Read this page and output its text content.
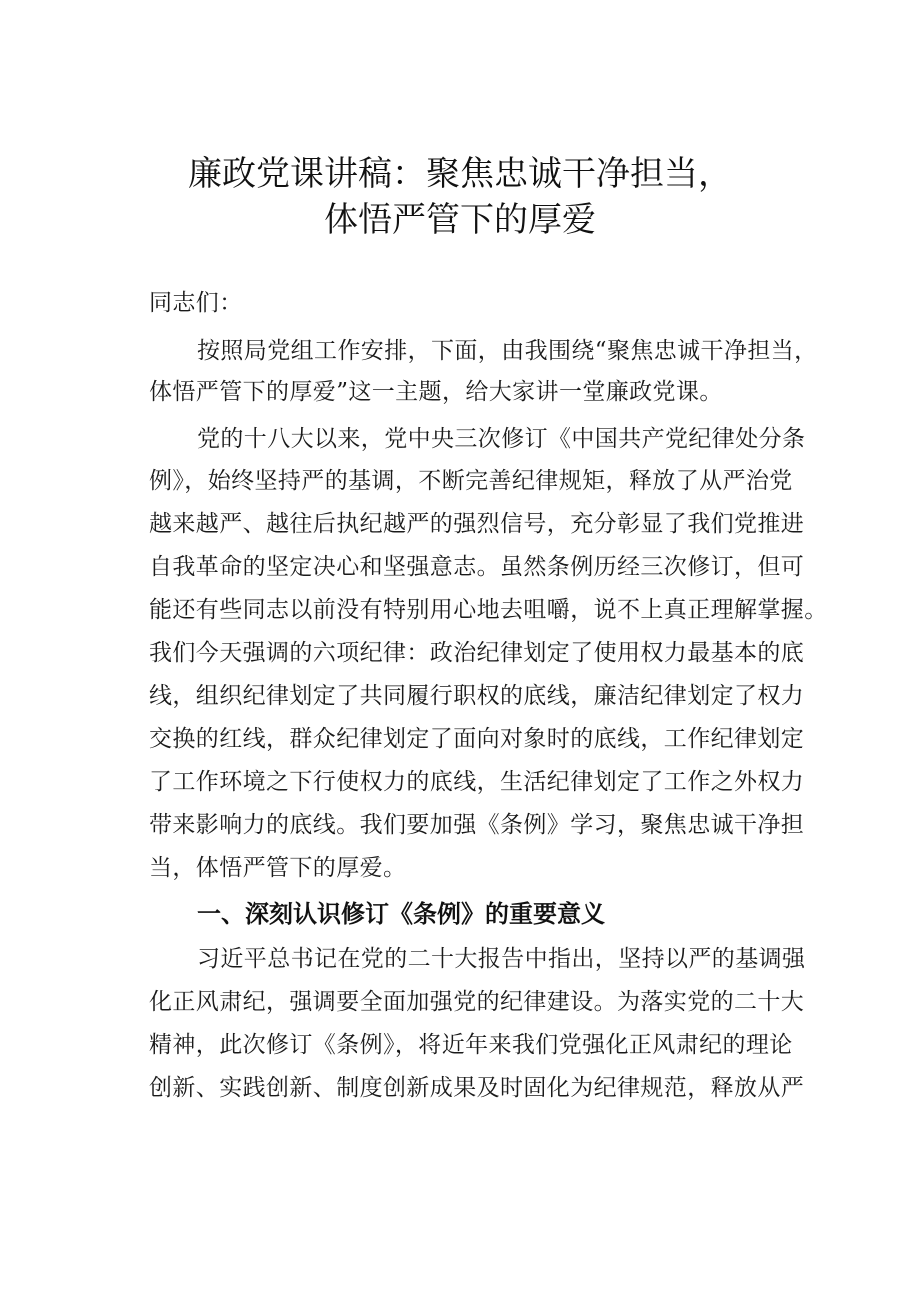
廉政党课讲稿：聚焦忠诚干净担当，
体悟严管下的厚爱
同志们：
按照局党组工作安排，下面，由我围绕“聚焦忠诚干净担当，
体悟严管下的厚爱”这一主题，给大家讲一堂廉政党课。
党的十八大以来，党中央三次修订《中国共产党纪律处分条
例》，始终坚持严的基调，不断完善纪律规矩，释放了从严治党
越来越严、越往后执纪越严的强烈信号，充分彰显了我们党推进
自我革命的坚定决心和坚强意志。虽然条例历经三次修订，但可
能还有些同志以前没有特别用心地去咀嚼，说不上真正理解掌握。
我们今天强调的六项纪律：政治纪律划定了使用权力最基本的底
线，组织纪律划定了共同履行职权的底线，廉洁纪律划定了权力
交换的红线，群众纪律划定了面向对象时的底线，工作纪律划定
了工作环境之下行使权力的底线，生活纪律划定了工作之外权力
带来影响力的底线。我们要加强《条例》学习，聚焦忠诚干净担
当，体悟严管下的厚爱。
一、深刻认识修订《条例》的重要意义
习近平总书记在党的二十大报告中指出，坚持以严的基调强
化正风肃纪，强调要全面加强党的纪律建设。为落实党的二十大
精神，此次修订《条例》，将近年来我们党强化正风肃纪的理论
创新、实践创新、制度创新成果及时固化为纪律规范，释放从严
